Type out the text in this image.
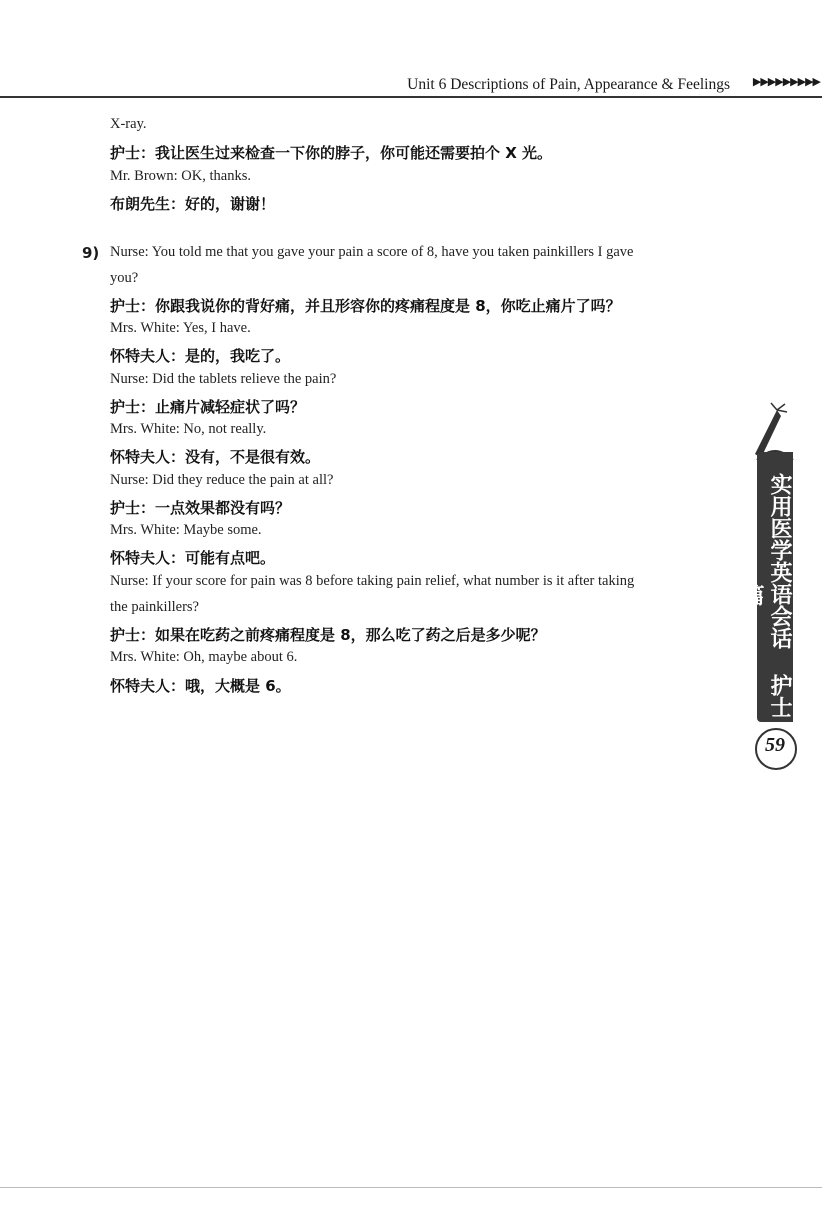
Unit 6 Descriptions of Pain, Appearance & Feelings ▶▶▶▶▶▶▶▶▶
X-ray.
护士：我让医生过来检查一下你的脖子，你可能还需要拍个 X 光。
Mr. Brown: OK, thanks.
布朗先生：好的，谢谢！
9) Nurse: You told me that you gave your pain a score of 8, have you taken painkillers I gave
you?
护士：你跟我说你的背好痛，并且形容你的疼痛程度是 8，你吃止痛片了吗？
Mrs. White: Yes, I have.
怀特夫人：是的，我吃了。
Nurse: Did the tablets relieve the pain?
护士：止痛片减轻症状了吗？
Mrs. White: No, not really.
怀特夫人：没有，不是很有效。
Nurse: Did they reduce the pain at all?
护士：一点效果都没有吗？
Mrs. White: Maybe some.
怀特夫人：可能有点吧。
Nurse: If your score for pain was 8 before taking pain relief, what number is it after taking
the painkillers?
护士：如果在吃药之前疼痛程度是 8，那么吃了药之后是多少呢？
Mrs. White: Oh, maybe about 6.
怀特夫人：哦，大概是 6。	实用医学英语会话 护士篇
59
